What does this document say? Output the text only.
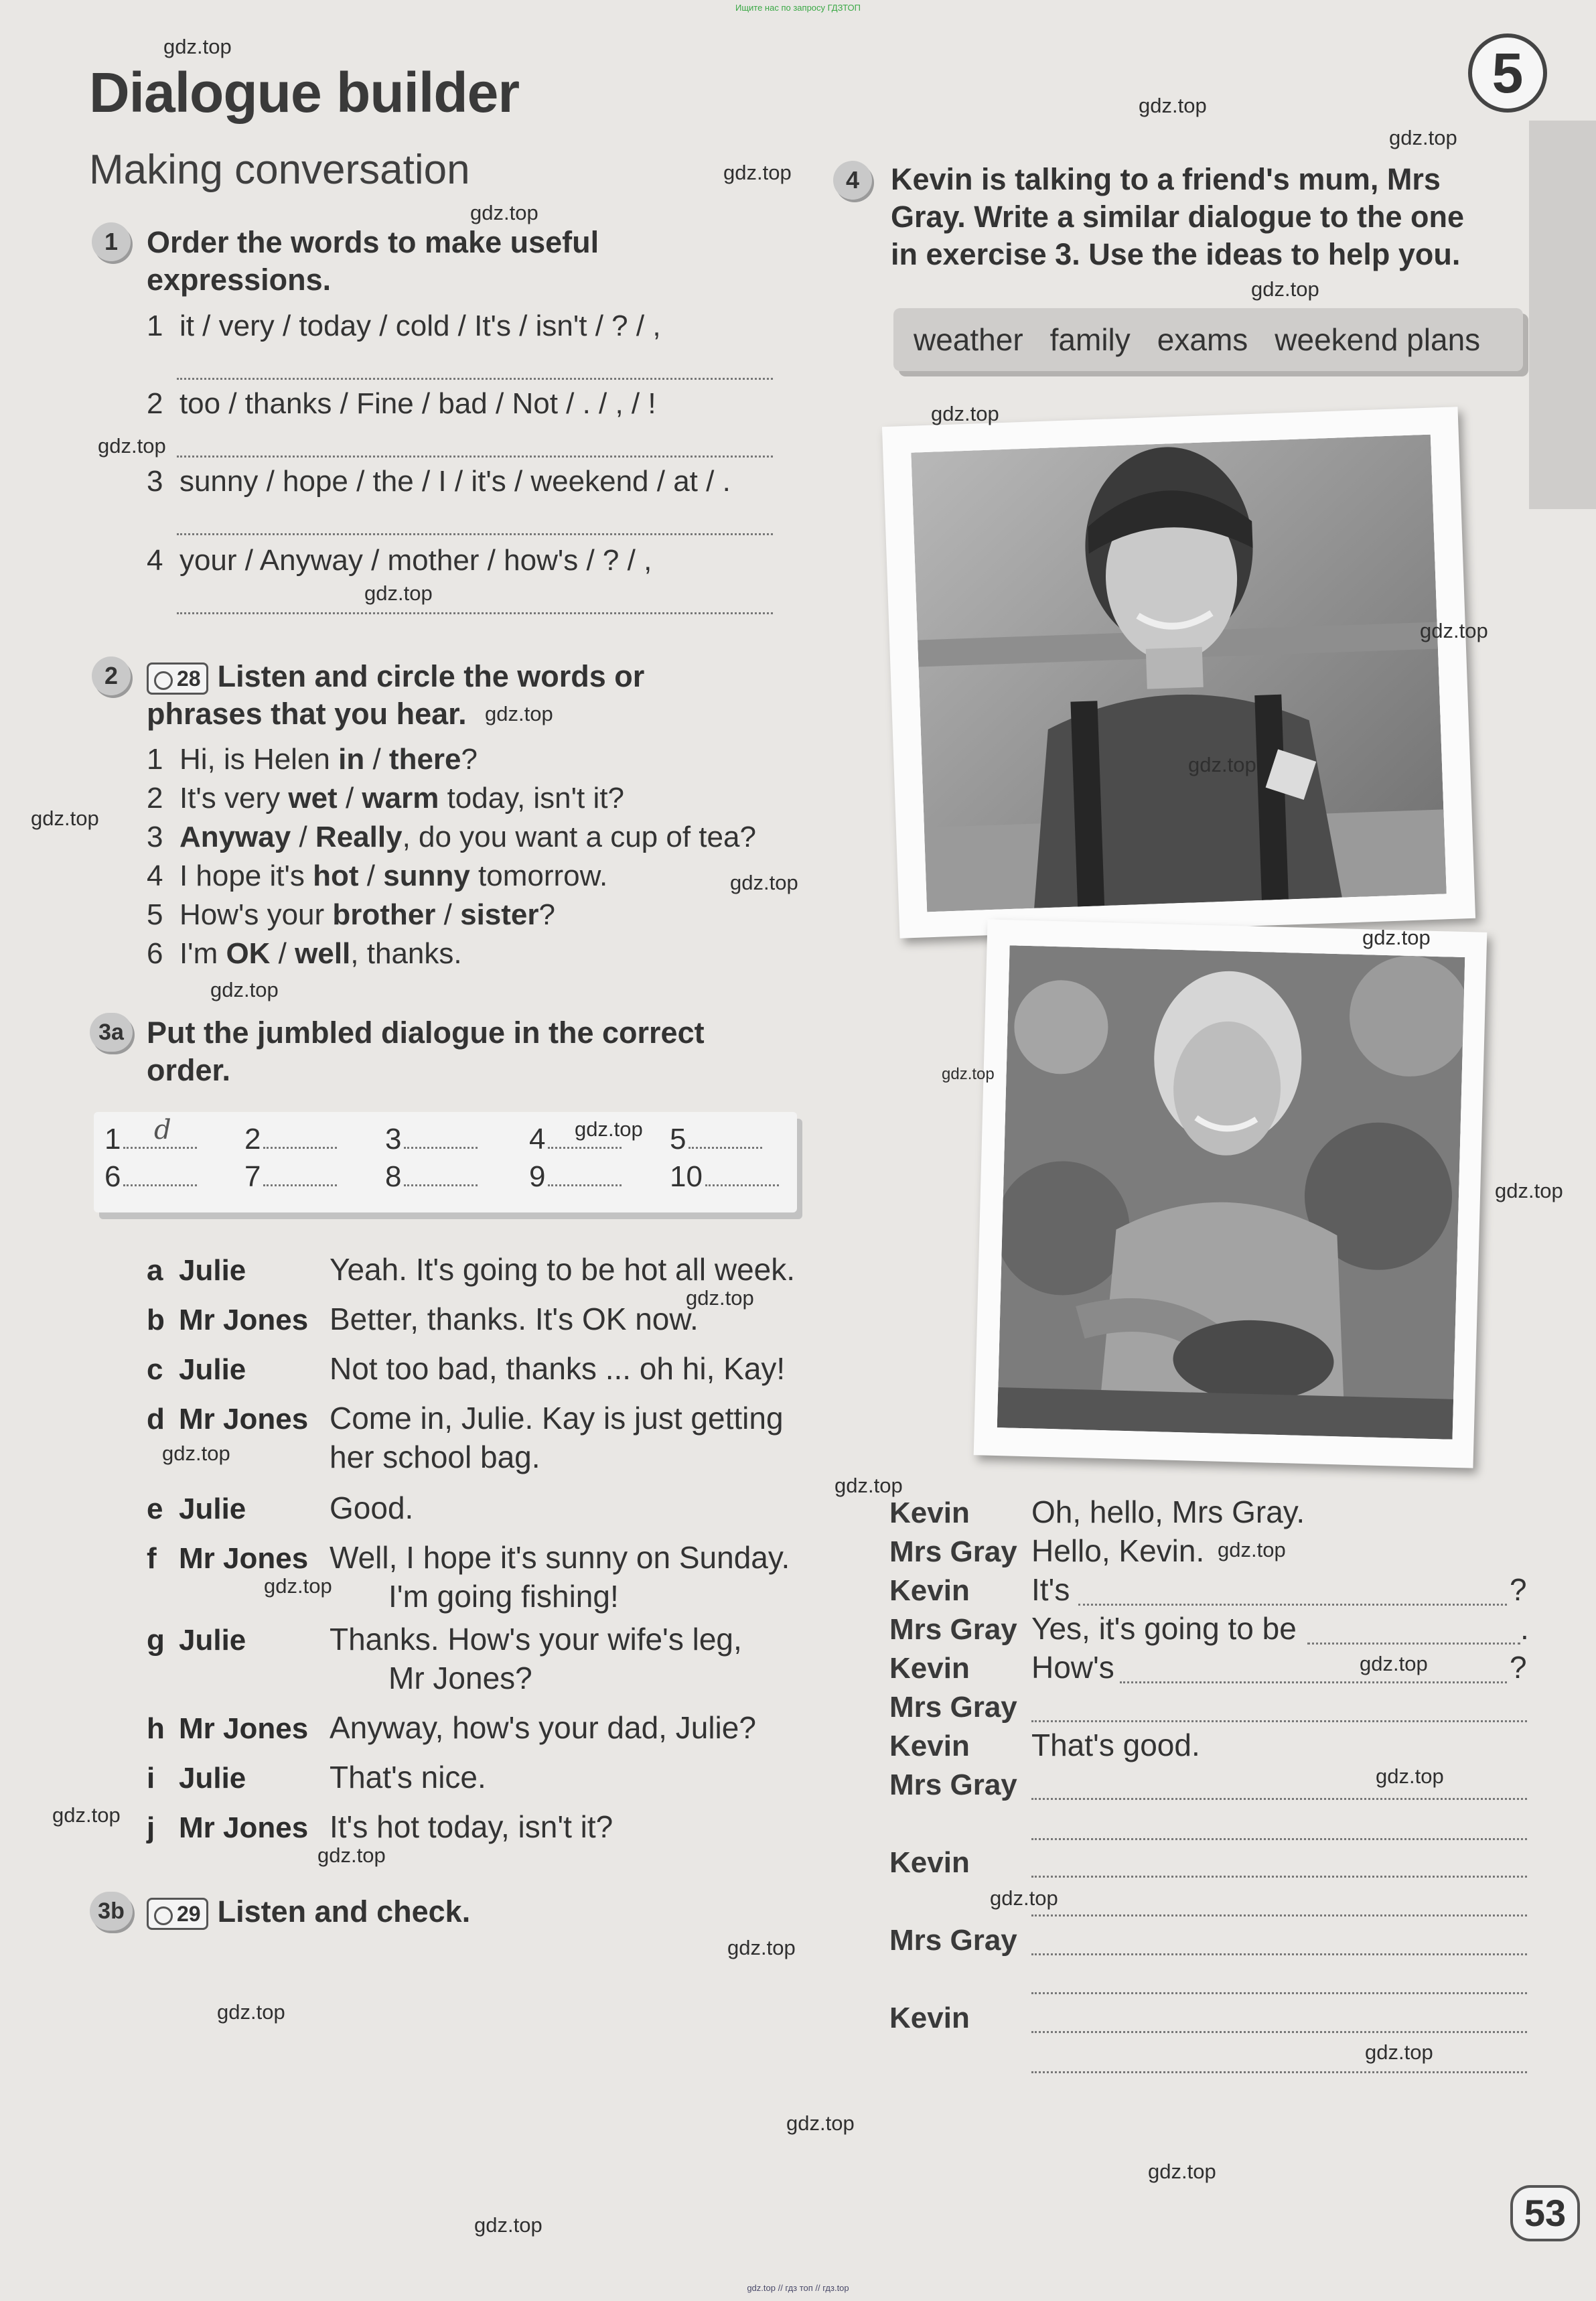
Ищите нас по запросу ГДЗТОП
gdz.top // гдз топ // гдз.top
Dialogue builder
Making conversation
5
1 Order the words to make useful
expressions.
1 it / very / today / cold / It's / isn't / ? / ,
2 too / thanks / Fine / bad / Not / . / , / !
3 sunny / hope / the / I / it's / weekend / at / .
4 your / Anyway / mother / how's / ? / ,
2	28 Listen and circle the words or
phrases that you hear.
1 Hi, is Helen in / there?
2 It's very wet / warm today, isn't it?
3 Anyway / Really, do you want a cup of tea?
4 I hope it's hot / sunny tomorrow.
5 How's your brother / sister?
6 I'm OK / well, thanks.
3a Put the jumbled dialogue in the correct
order.
1	2	3	4	5
6	7	8	9	10
d
a Julie	Yeah. It's going to be hot all week.
b Mr Jones Better, thanks. It's OK now.
c Julie	Not too bad, thanks ... oh hi, Kay!
d Mr Jones Come in, Julie. Kay is just getting
her school bag.
e Julie	Good.
f Mr Jones Well, I hope it's sunny on Sunday.
I'm going fishing!
g Julie	Thanks. How's your wife's leg,
Mr Jones?
h Mr Jones Anyway, how's your dad, Julie?
i Julie	That's nice.
j Mr Jones It's hot today, isn't it?
3b	29 Listen and check.
4	Kevin is talking to a friend's mum, Mrs
Gray. Write a similar dialogue to the one
in exercise 3. Use the ideas to help you.
weather family exams weekend plans
Kevin Oh, hello, Mrs Gray.
Mrs Gray Hello, Kevin.
Kevin It's	?
Mrs Gray Yes, it's going to be	.
Kevin How's	?
Mrs Gray
Kevin That's good.
Mrs Gray
Kevin
Mrs Gray
Kevin
53
gdz.top
gdz.top
gdz.top
gdz.top
gdz.top
gdz.top
gdz.top
gdz.top
gdz.top
gdz.top
gdz.top
gdz.top
gdz.top
gdz.top
gdz.top
gdz.top
gdz.top
gdz.top
gdz.top
gdz.top
gdz.top
gdz.top
gdz.top
gdz.top
gdz.top
gdz.top
gdz.top
gdz.top
gdz.top
gdz.top
gdz.top
gdz.top
gdz.top
gdz.top
gdz.top
